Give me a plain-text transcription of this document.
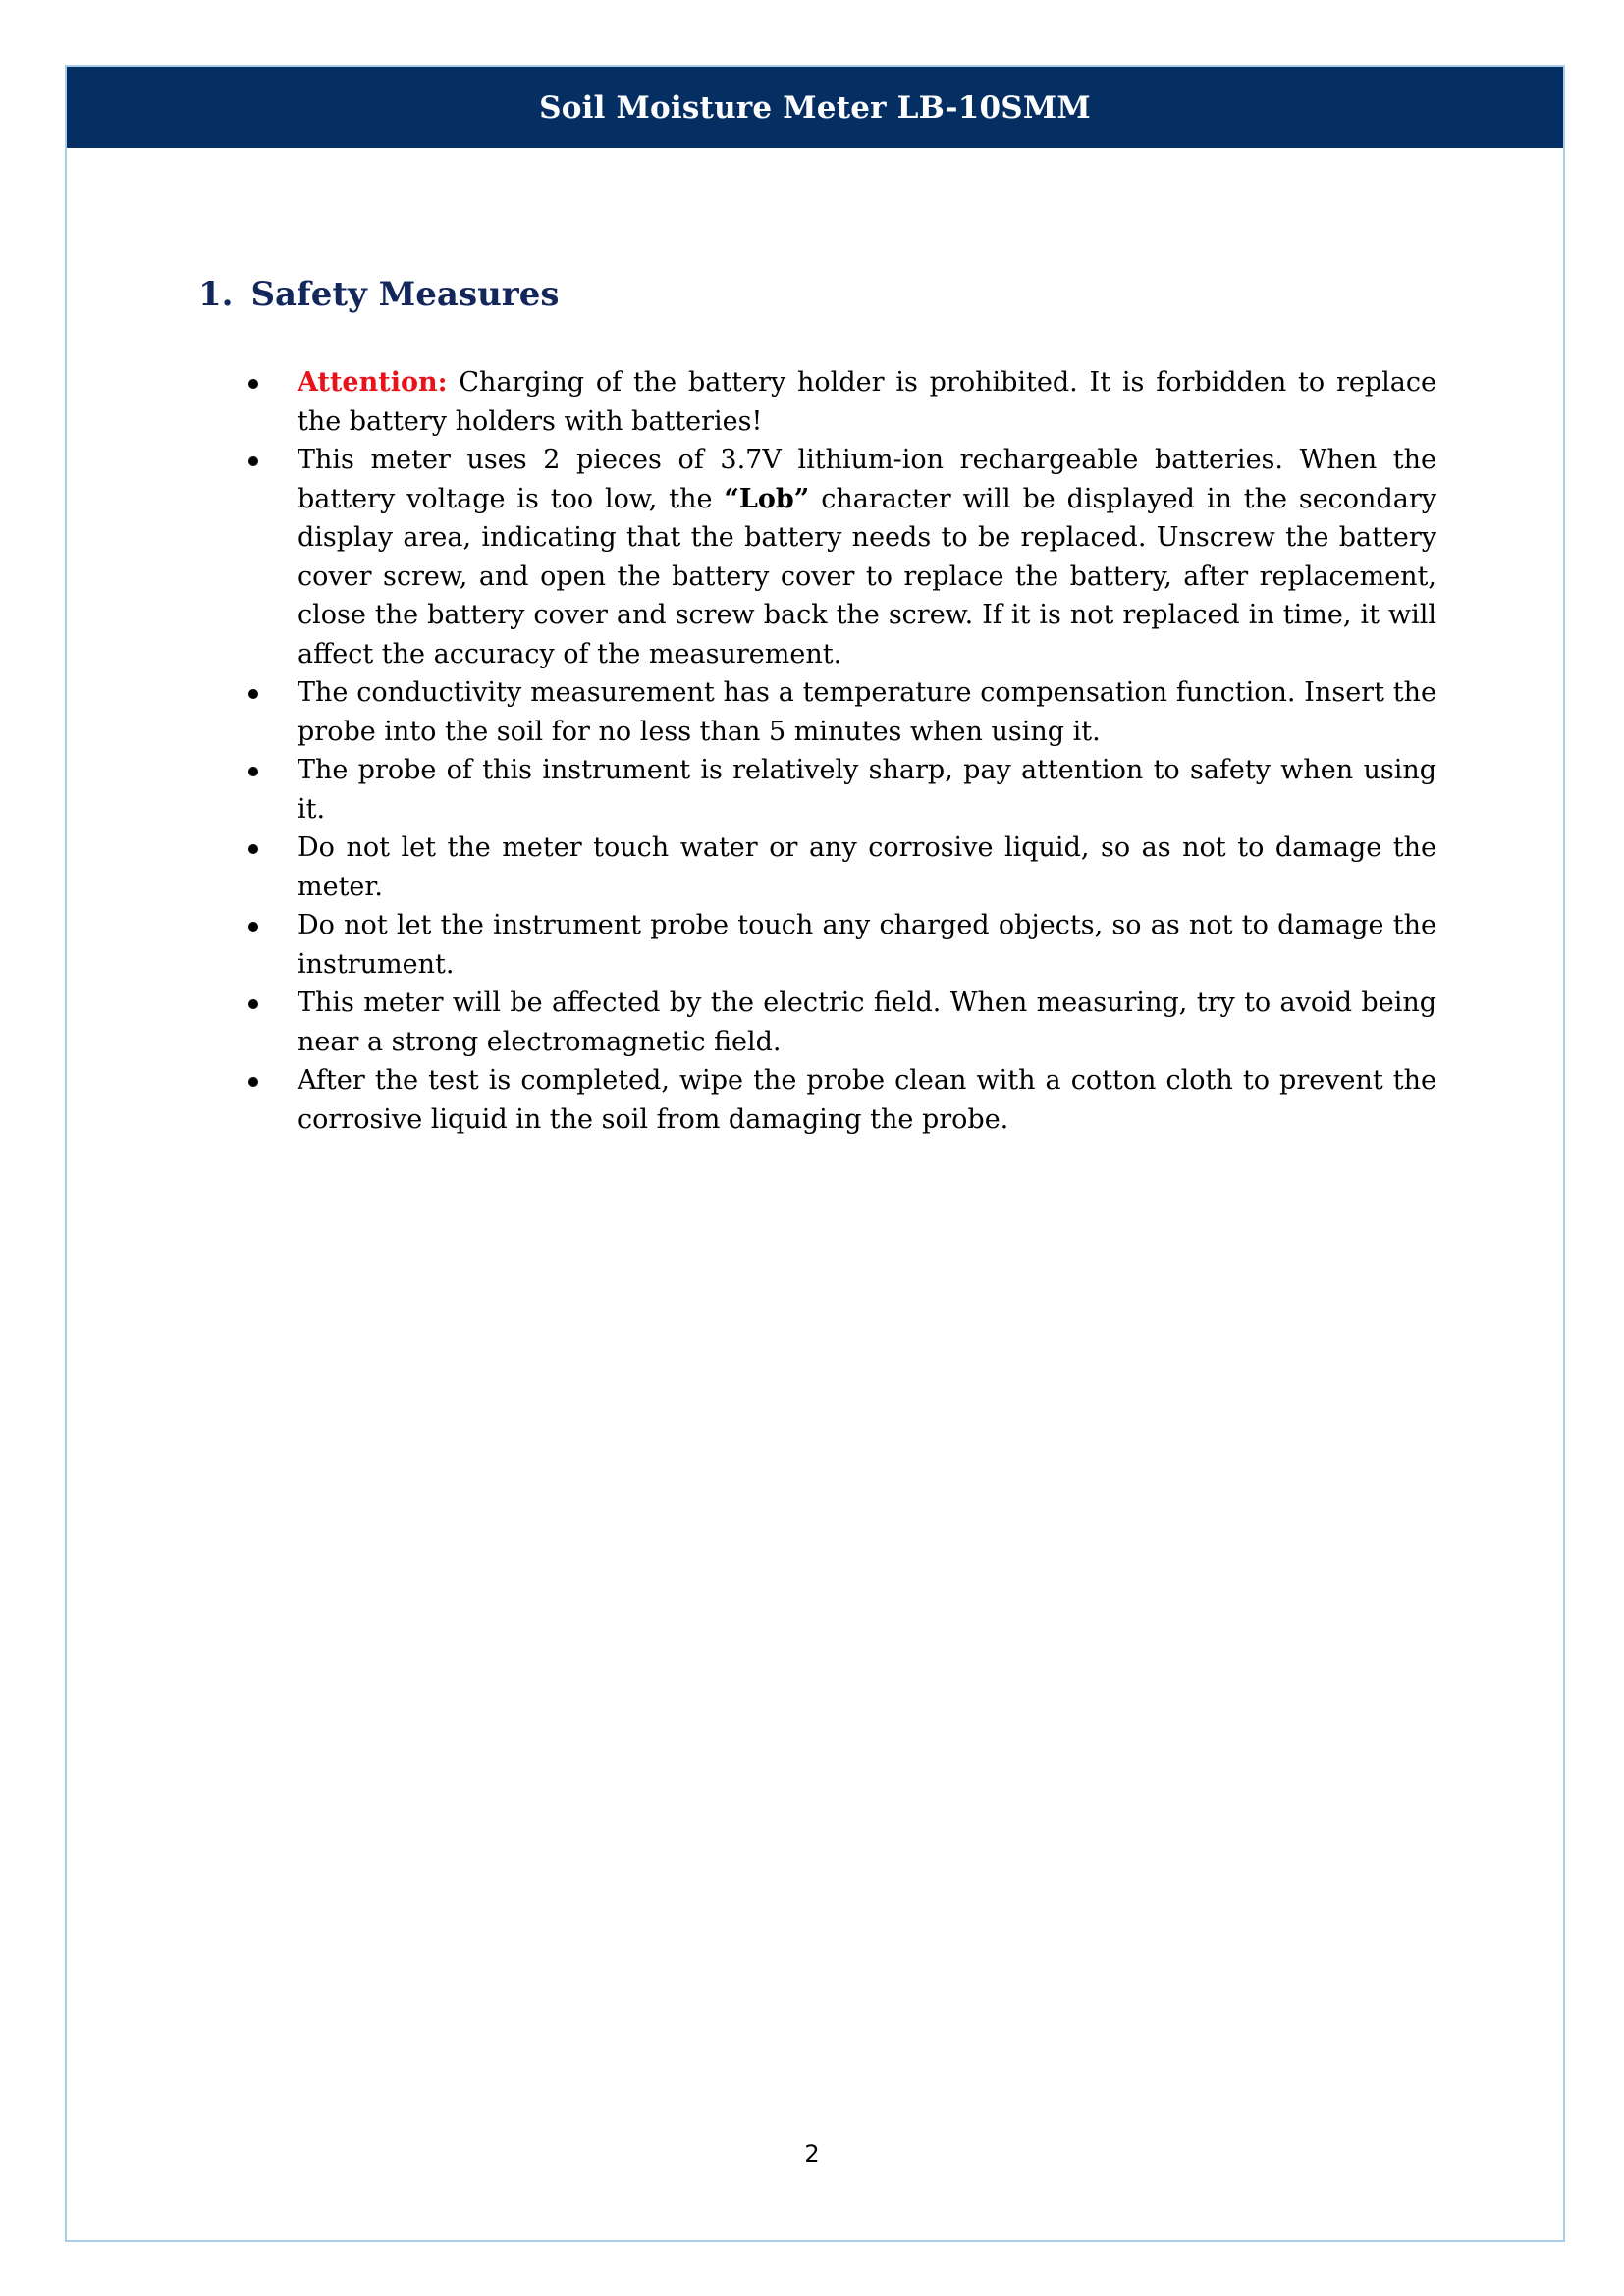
Soil Moisture Meter LB-10SMM
1. Safety Measures
Attention: Charging of the battery holder is prohibited. It is forbidden to replace the battery holders with batteries!
This meter uses 2 pieces of 3.7V lithium-ion rechargeable batteries. When the battery voltage is too low, the “Lob” character will be displayed in the secondary display area, indicating that the battery needs to be replaced. Unscrew the battery cover screw, and open the battery cover to replace the battery, after replacement, close the battery cover and screw back the screw. If it is not replaced in time, it will affect the accuracy of the measurement.
The conductivity measurement has a temperature compensation function. Insert the probe into the soil for no less than 5 minutes when using it.
The probe of this instrument is relatively sharp, pay attention to safety when using it.
Do not let the meter touch water or any corrosive liquid, so as not to damage the meter.
Do not let the instrument probe touch any charged objects, so as not to damage the instrument.
This meter will be affected by the electric field. When measuring, try to avoid being near a strong electromagnetic field.
After the test is completed, wipe the probe clean with a cotton cloth to prevent the corrosive liquid in the soil from damaging the probe.
2
